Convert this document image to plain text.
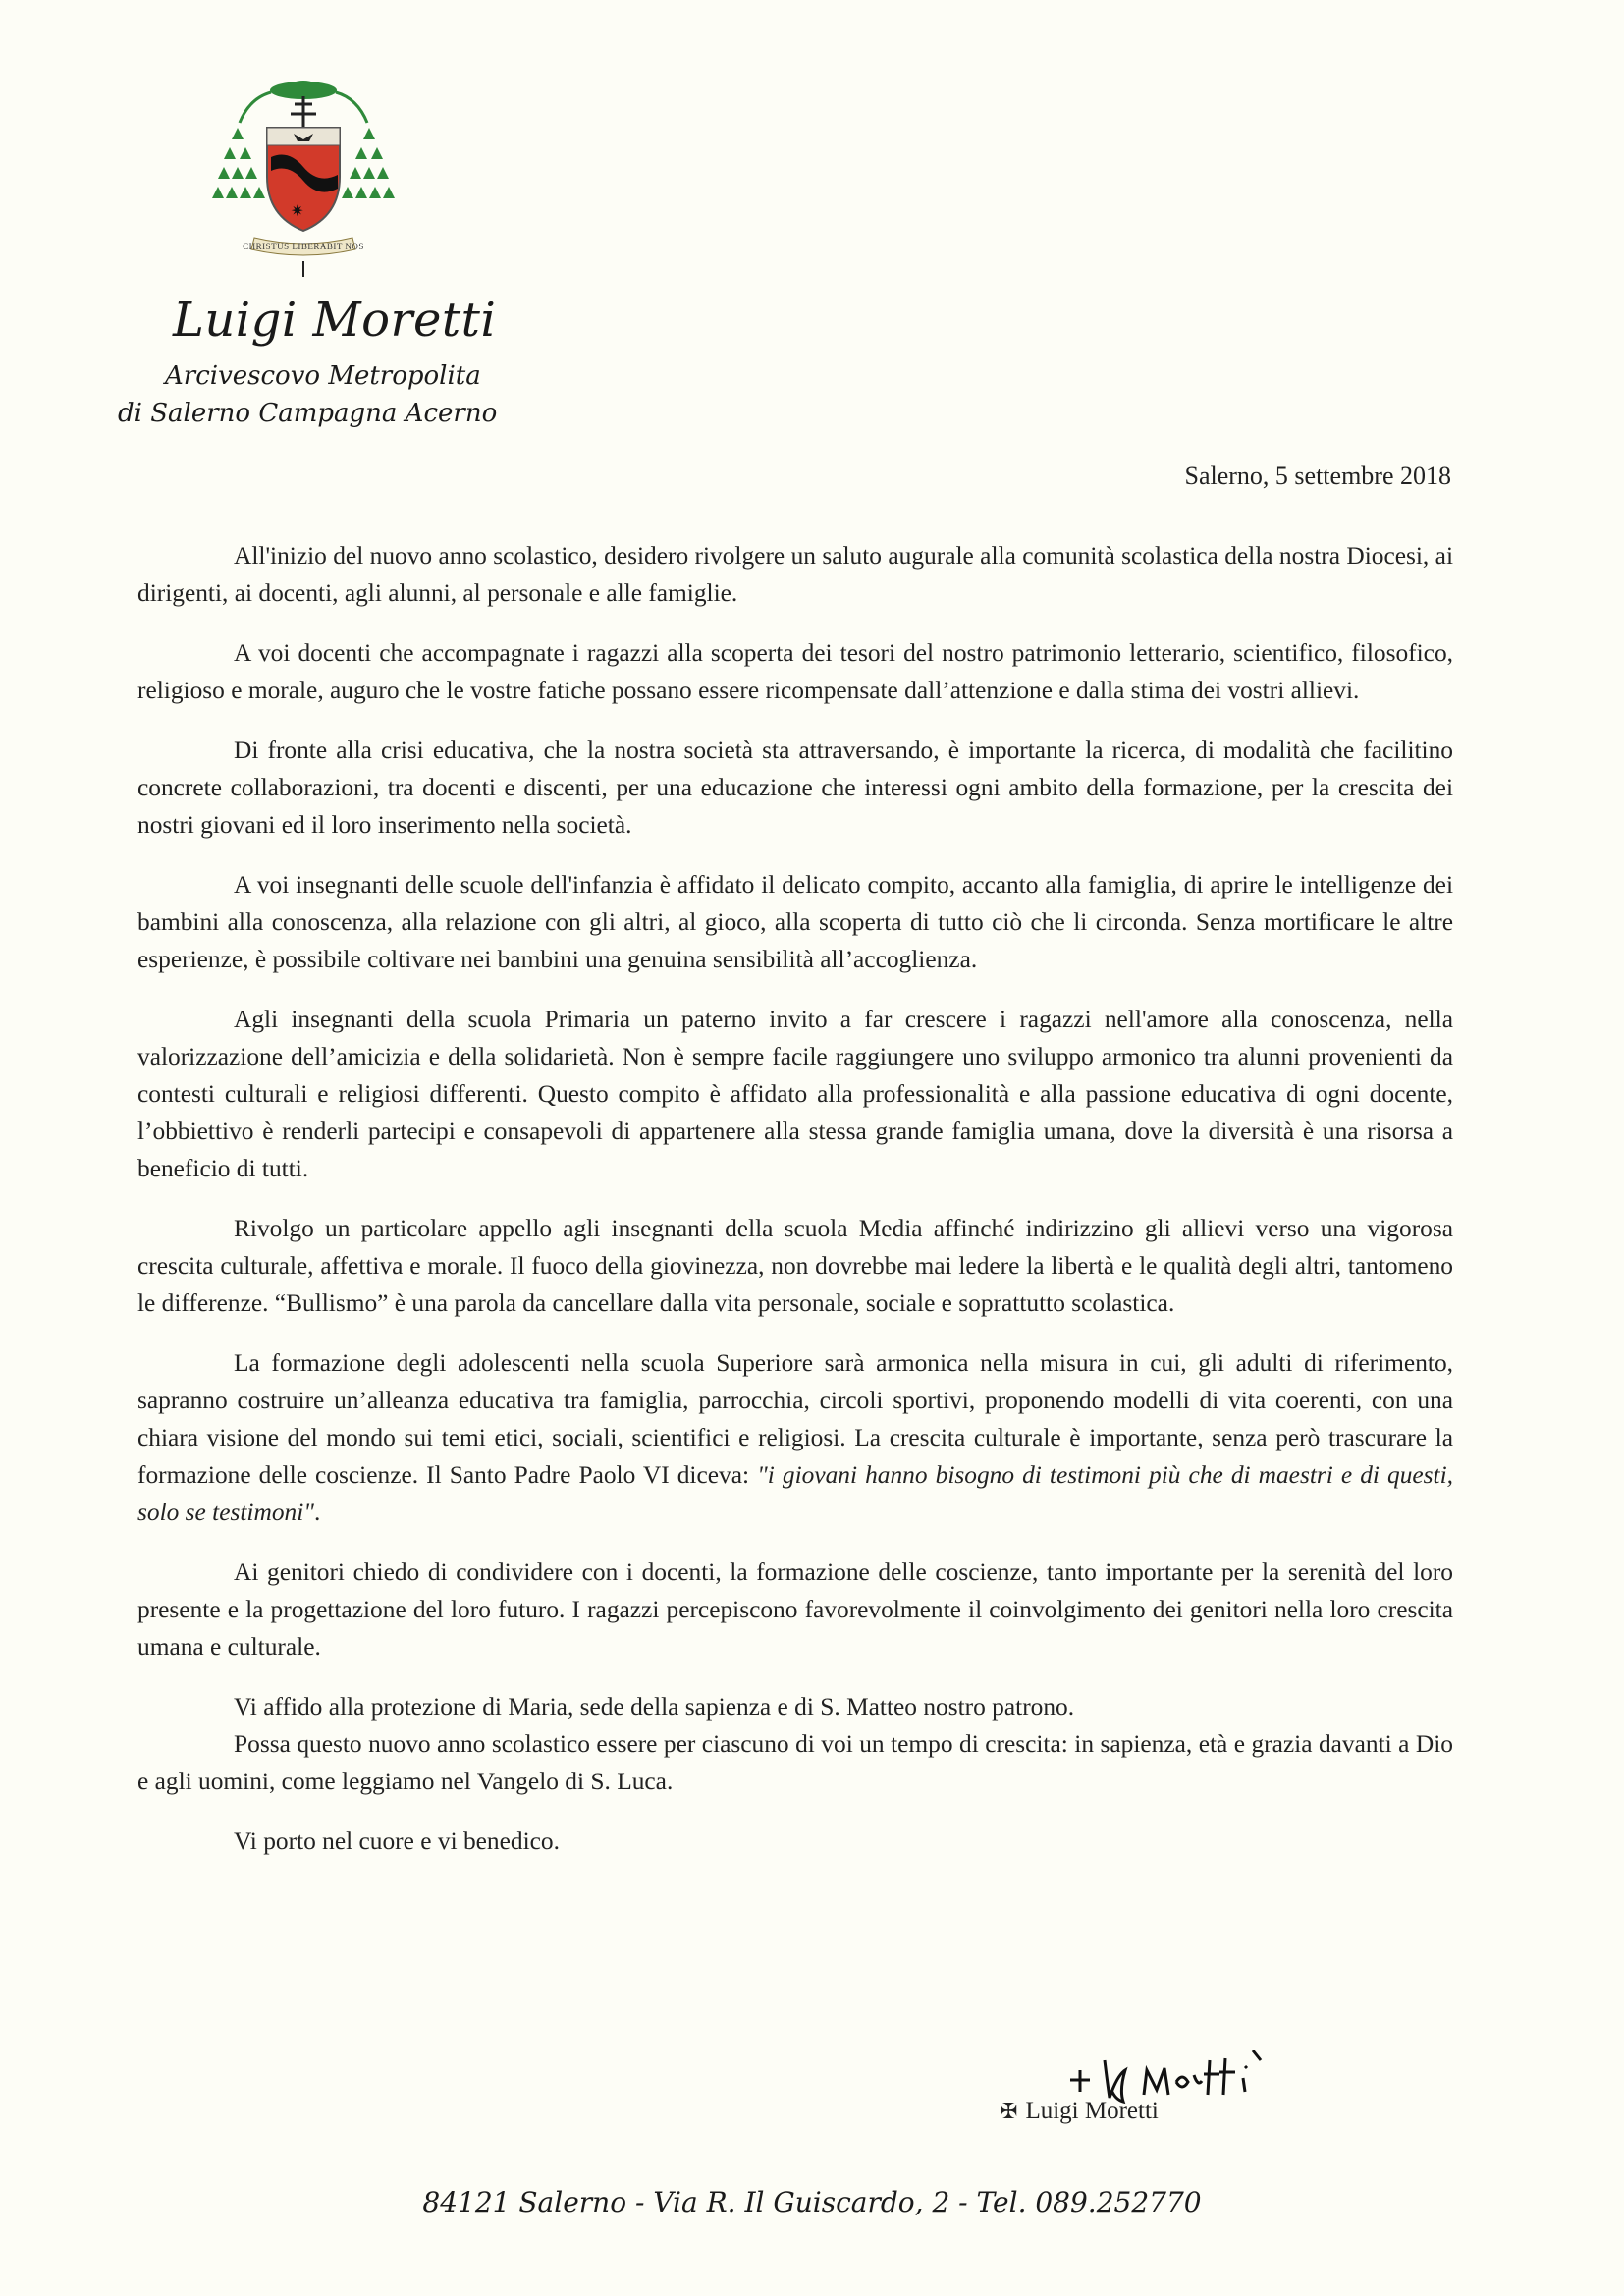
✷
CHRISTUS LIBERABIT NOS
Luigi Moretti
Arcivescovo Metropolita
di Salerno Campagna Acerno
Salerno, 5 settembre 2018

All'inizio del nuovo anno scolastico, desidero rivolgere un saluto augurale alla comunità scolastica della nostra Diocesi, ai dirigenti, ai docenti, agli alunni, al personale e alle famiglie.

A voi docenti che accompagnate i ragazzi alla scoperta dei tesori del nostro patrimonio letterario, scientifico, filosofico, religioso e morale, auguro che le vostre fatiche possano essere ricompensate dall’attenzione e dalla stima dei vostri allievi.

Di fronte alla crisi educativa, che la nostra società sta attraversando, è importante la ricerca, di modalità che facilitino concrete collaborazioni, tra docenti e discenti, per una educazione che interessi ogni ambito della formazione, per la crescita dei nostri giovani ed il loro inserimento nella società.

A voi insegnanti delle scuole dell'infanzia è affidato il delicato compito, accanto alla famiglia, di aprire le intelligenze dei bambini alla conoscenza, alla relazione con gli altri, al gioco, alla scoperta di tutto ciò che li circonda. Senza mortificare le altre esperienze, è possibile coltivare nei bambini una genuina sensibilità all’accoglienza.

Agli insegnanti della scuola Primaria un paterno invito a far crescere i ragazzi nell'amore alla conoscenza, nella valorizzazione dell’amicizia e della solidarietà. Non è sempre facile raggiungere uno sviluppo armonico tra alunni provenienti da contesti culturali e religiosi differenti. Questo compito è affidato alla professionalità e alla passione educativa di ogni docente, l’obbiettivo è renderli partecipi e consapevoli di appartenere alla stessa grande famiglia umana, dove la diversità è una risorsa a beneficio di tutti.

Rivolgo un particolare appello agli insegnanti della scuola Media affinché indirizzino gli allievi verso una vigorosa crescita culturale, affettiva e morale. Il fuoco della giovinezza, non dovrebbe mai ledere la libertà e le qualità degli altri, tantomeno le differenze. “Bullismo” è una parola da cancellare dalla vita personale, sociale e soprattutto scolastica.

La formazione degli adolescenti nella scuola Superiore sarà armonica nella misura in cui, gli adulti di riferimento, sapranno costruire un’alleanza educativa tra famiglia, parrocchia, circoli sportivi, proponendo modelli di vita coerenti, con una chiara visione del mondo sui temi etici, sociali, scientifici e religiosi. La crescita culturale è importante, senza però trascurare la formazione delle coscienze. Il Santo Padre Paolo VI diceva: "i giovani hanno bisogno di testimoni più che di maestri e di questi, solo se testimoni".

Ai genitori chiedo di condividere con i docenti, la formazione delle coscienze, tanto importante per la serenità del loro presente e la progettazione del loro futuro. I ragazzi percepiscono favorevolmente il coinvolgimento dei genitori nella loro crescita umana e culturale.

Vi affido alla protezione di Maria, sede della sapienza e di S. Matteo nostro patrono.

Possa questo nuovo anno scolastico essere per ciascuno di voi un tempo di crescita: in sapienza, età e grazia davanti a Dio e agli uomini, come leggiamo nel Vangelo di S. Luca.

Vi porto nel cuore e vi benedico.

✠ Luigi Moretti
84121 Salerno - Via R. Il Guiscardo, 2 - Tel. 089.252770
